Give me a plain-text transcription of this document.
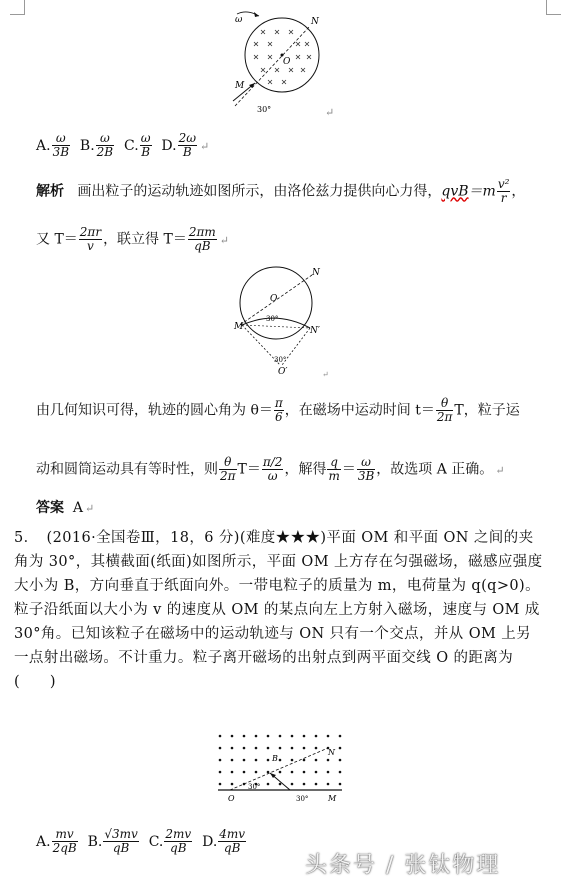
ω	N
O
M
30°	↵
A. $\frac{\omega}{3B} B$. $\frac{\omega}{2B} C$. $\frac{\omega}{B} D$. $\frac{2\omega}{B}$ ↵
解析 画出粒子的运动轨迹如图所示，由洛伦兹力提供向心力得，$qvB=m \frac{\text{v²}}{r}$ ，
又 $T= \frac{2\pi r}{v}$ ，联立得 $T= \frac{2\pi m}{qB}$ ↵
N
O
M	N′
30°
30°
O′	↵
由几何知识可得，轨迹的圆心角为 $\theta= \frac{\pi}{6}$ ，在磁场中运动时间 $t= \frac{\theta}{2\pi}$ T，粒子运
动和圆筒运动具有等时性，则 $\frac{\theta}{2\pi} T= \frac{\pi/2}{\omega}$ ，解得 $\frac{q}{m} = \frac{\omega}{3B}$ ，故选项 A 正确。 ↵
答案 A ↵
5． (2016·全国卷Ⅲ，18，6 分)(难度★★★)平面 OM 和平面 ON 之间的夹角为 30°，其横截面(纸面)如图所示，平面 OM 上方存在匀强磁场，磁感应强度大小为 B，方向垂直于纸面向外。一带电粒子的质量为 m，电荷量为 q(q>0)。粒子沿纸面以大小为 v 的速度从 OM 的某点向左上方射入磁场，速度与 OM 成 30°角。已知该粒子在磁场中的运动轨迹与 ON 只有一个交点，并从 OM 上另一点射出磁场。不计重力。粒子离开磁场的出射点到两平面交线 O 的距离为(　　)
N
B
O	M
30°
30°
A. $\frac{mv}{2qB} B$. $\frac{√3mv}{qB} C$. $\frac{2mv}{qB} D$. $\frac{4mv}{qB}$
头条号 / 张钛物理
